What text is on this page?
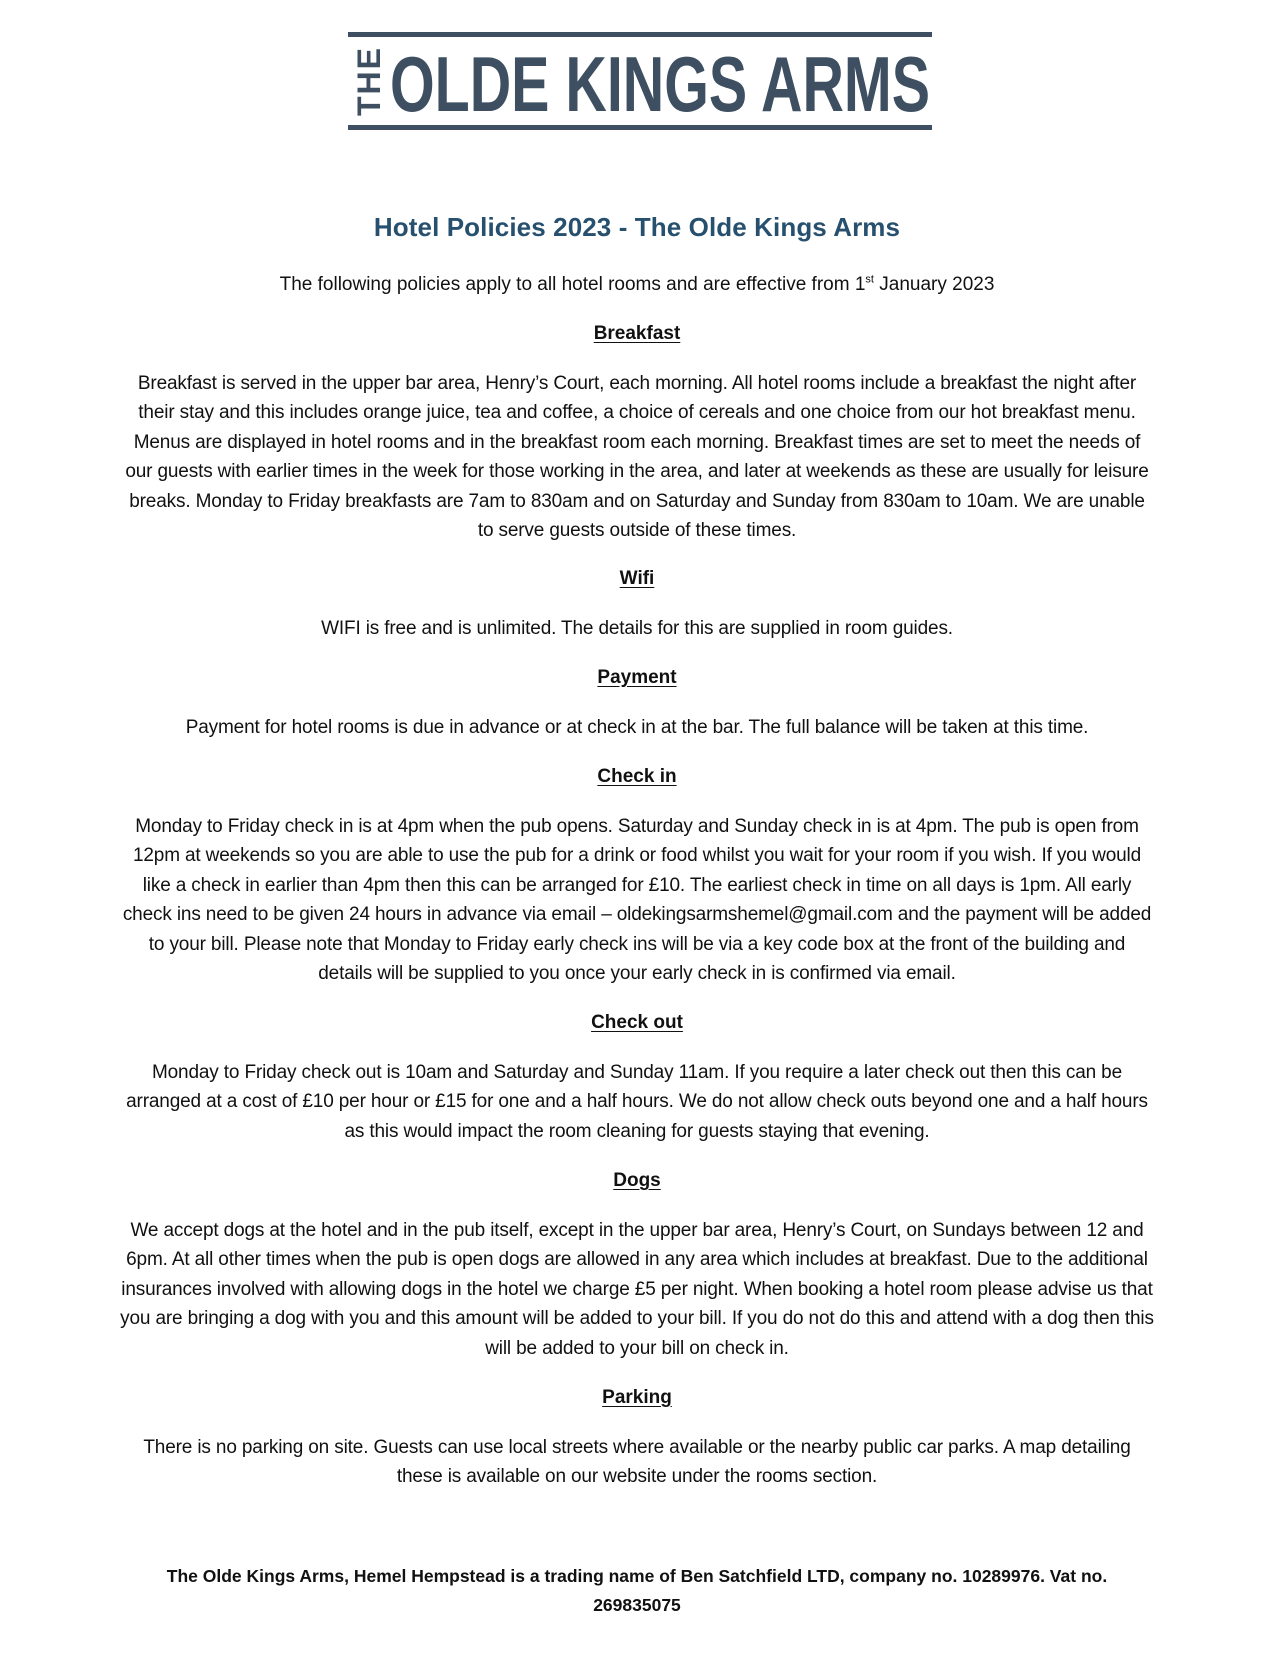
THE OLDE KINGS ARMS
Hotel Policies 2023 - The Olde Kings Arms
The following policies apply to all hotel rooms and are effective from 1st January 2023
Breakfast
Breakfast is served in the upper bar area, Henry’s Court, each morning. All hotel rooms include a breakfast the night after their stay and this includes orange juice, tea and coffee, a choice of cereals and one choice from our hot breakfast menu. Menus are displayed in hotel rooms and in the breakfast room each morning. Breakfast times are set to meet the needs of our guests with earlier times in the week for those working in the area, and later at weekends as these are usually for leisure breaks. Monday to Friday breakfasts are 7am to 830am and on Saturday and Sunday from 830am to 10am. We are unable to serve guests outside of these times.
Wifi
WIFI is free and is unlimited. The details for this are supplied in room guides.
Payment
Payment for hotel rooms is due in advance or at check in at the bar. The full balance will be taken at this time.
Check in
Monday to Friday check in is at 4pm when the pub opens. Saturday and Sunday check in is at 4pm. The pub is open from 12pm at weekends so you are able to use the pub for a drink or food whilst you wait for your room if you wish. If you would like a check in earlier than 4pm then this can be arranged for £10. The earliest check in time on all days is 1pm. All early check ins need to be given 24 hours in advance via email – oldekingsarmshemel@gmail.com and the payment will be added to your bill. Please note that Monday to Friday early check ins will be via a key code box at the front of the building and details will be supplied to you once your early check in is confirmed via email.
Check out
Monday to Friday check out is 10am and Saturday and Sunday 11am. If you require a later check out then this can be arranged at a cost of £10 per hour or £15 for one and a half hours. We do not allow check outs beyond one and a half hours as this would impact the room cleaning for guests staying that evening.
Dogs
We accept dogs at the hotel and in the pub itself, except in the upper bar area, Henry’s Court, on Sundays between 12 and 6pm. At all other times when the pub is open dogs are allowed in any area which includes at breakfast. Due to the additional insurances involved with allowing dogs in the hotel we charge £5 per night. When booking a hotel room please advise us that you are bringing a dog with you and this amount will be added to your bill. If you do not do this and attend with a dog then this will be added to your bill on check in.
Parking
There is no parking on site. Guests can use local streets where available or the nearby public car parks. A map detailing these is available on our website under the rooms section.
The Olde Kings Arms, Hemel Hempstead is a trading name of Ben Satchfield LTD, company no. 10289976. Vat no. 269835075
